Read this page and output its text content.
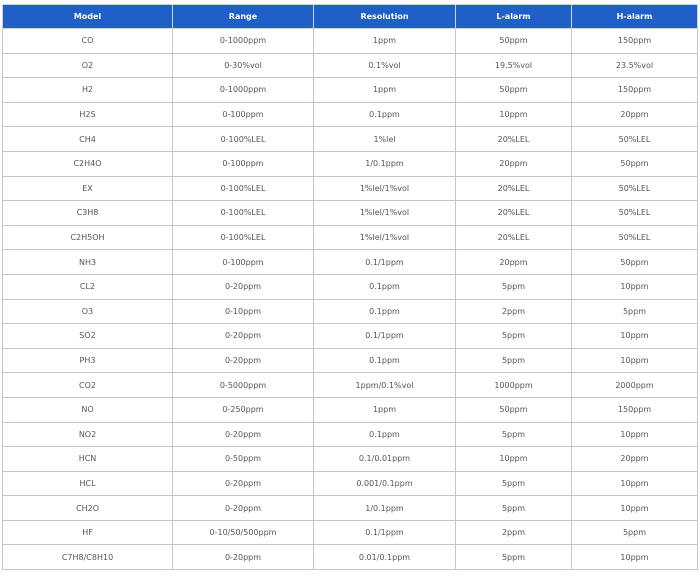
Model	Range	Resolution	L-alarm	H-alarm
CO	0-1000ppm	1ppm	50ppm	150ppm
O2	0-30%vol	0.1%vol	19.5%vol	23.5%vol
H2	0-1000ppm	1ppm	50ppm	150ppm
H2S	0-100ppm	0.1ppm	10ppm	20ppm
CH4	0-100%LEL	1%lel	20%LEL	50%LEL
C2H4O	0-100ppm	1/0.1ppm	20ppm	50ppm
EX	0-100%LEL	1%lel/1%vol	20%LEL	50%LEL
C3H8	0-100%LEL	1%lel/1%vol	20%LEL	50%LEL
C2H5OH	0-100%LEL	1%lel/1%vol	20%LEL	50%LEL
NH3	0-100ppm	0.1/1ppm	20ppm	50ppm
CL2	0-20ppm	0.1ppm	5ppm	10ppm
O3	0-10ppm	0.1ppm	2ppm	5ppm
SO2	0-20ppm	0.1/1ppm	5ppm	10ppm
PH3	0-20ppm	0.1ppm	5ppm	10ppm
CO2	0-5000ppm	1ppm/0.1%vol	1000ppm	2000ppm
NO	0-250ppm	1ppm	50ppm	150ppm
NO2	0-20ppm	0.1ppm	5ppm	10ppm
HCN	0-50ppm	0.1/0.01ppm	10ppm	20ppm
HCL	0-20ppm	0.001/0.1ppm	5ppm	10ppm
CH2O	0-20ppm	1/0.1ppm	5ppm	10ppm
HF	0-10/50/500ppm	0.1/1ppm	2ppm	5ppm
C7H8/C8H10	0-20ppm	0.01/0.1ppm	5ppm	10ppm
